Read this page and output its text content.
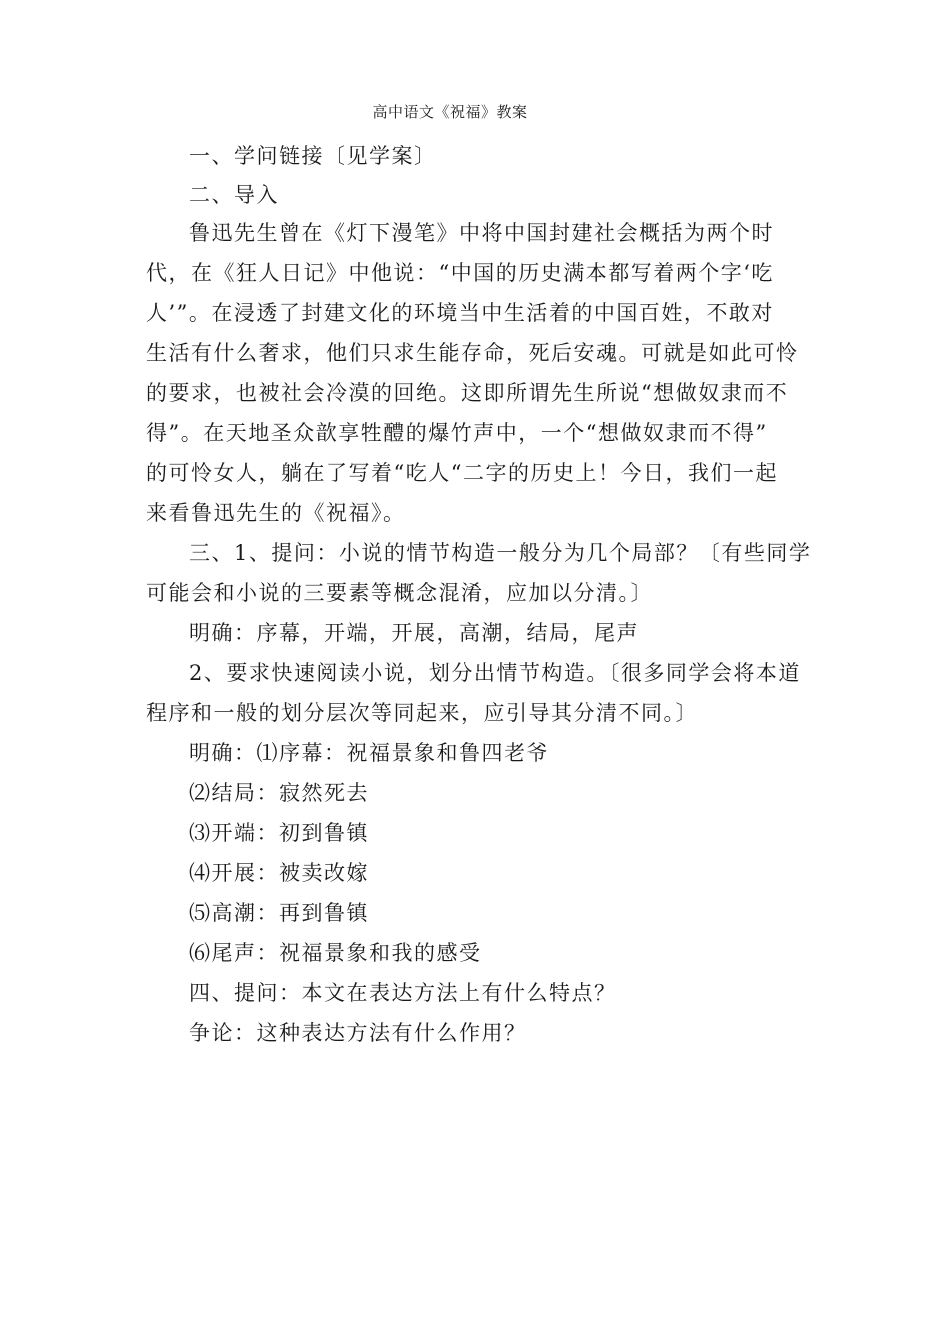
高中语文《祝福》教案
一、学问链接〔见学案〕
二、导入
鲁迅先生曾在《灯下漫笔》中将中国封建社会概括为两个时
代，在《狂人日记》中他说：“中国的历史满本都写着两个字‘吃
人’”。在浸透了封建文化的环境当中生活着的中国百姓，不敢对
生活有什么奢求，他们只求生能存命，死后安魂。可就是如此可怜
的要求，也被社会冷漠的回绝。这即所谓先生所说“想做奴隶而不
得”。在天地圣众歆享牲醴的爆竹声中，一个“想做奴隶而不得”
的可怜女人，躺在了写着“吃人“二字的历史上！今日，我们一起
来看鲁迅先生的《祝福》。
三、1、提问：小说的情节构造一般分为几个局部？〔有些同学
可能会和小说的三要素等概念混淆，应加以分清。〕
明确：序幕，开端，开展，高潮，结局，尾声
2、要求快速阅读小说，划分出情节构造。〔很多同学会将本道
程序和一般的划分层次等同起来，应引导其分清不同。〕
明确：⑴序幕：祝福景象和鲁四老爷
⑵结局：寂然死去
⑶开端：初到鲁镇
⑷开展：被卖改嫁
⑸高潮：再到鲁镇
⑹尾声：祝福景象和我的感受
四、提问：本文在表达方法上有什么特点？
争论：这种表达方法有什么作用？
